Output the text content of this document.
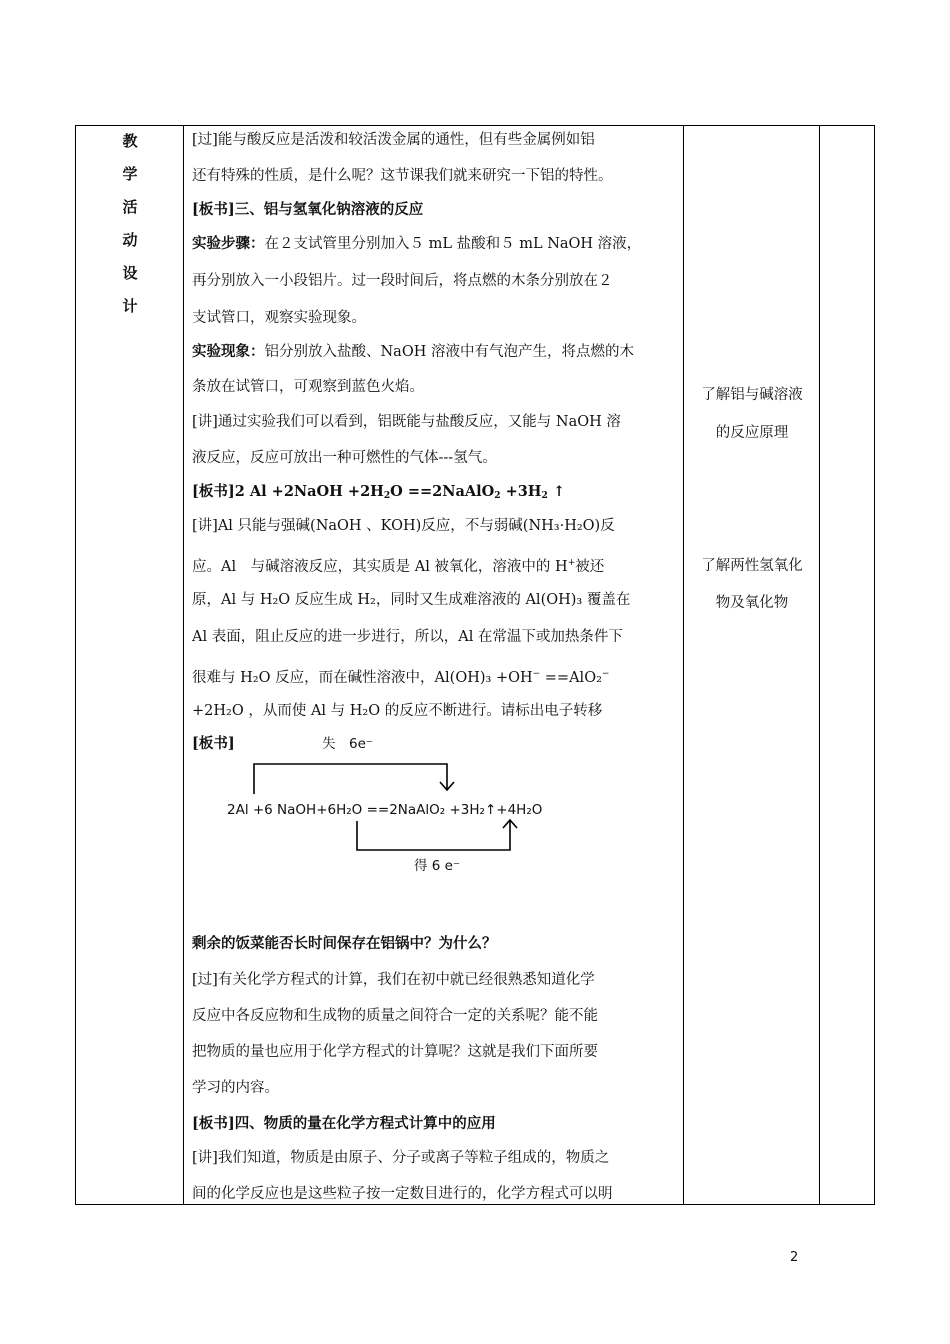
教
学
活
动
设
计
[过]能与酸反应是活泼和较活泼金属的通性，但有些金属例如铝
还有特殊的性质，是什么呢？这节课我们就来研究一下铝的特性。
[板书]三、铝与氢氧化钠溶液的反应
实验步骤：在２支试管里分别加入５ mL 盐酸和５ mL NaOH 溶液，
再分别放入一小段铝片。过一段时间后，将点燃的木条分别放在２
支试管口，观察实验现象。
实验现象：铝分别放入盐酸、NaOH 溶液中有气泡产生，将点燃的木
条放在试管口，可观察到蓝色火焰。
[讲]通过实验我们可以看到，铝既能与盐酸反应，又能与 NaOH 溶
液反应，反应可放出一种可燃性的气体---氢气。
[板书]2 Al +2NaOH $+2H_2O$ ==2NaAlO$_2$ $+3H_2$ ↑
[讲]Al 只能与强碱(NaOH 、KOH)反应，不与弱碱(NH₃·H₂O)反
应。Al　与碱溶液反应，其实质是 Al 被氧化，溶液中的 H+被还
原，Al 与 H₂O 反应生成 H₂，同时又生成难溶液的 Al(OH)₃ 覆盖在
Al 表面，阻止反应的进一步进行，所以，Al 在常温下或加热条件下
很难与 H₂O 反应，而在碱性溶液中，Al(OH)₃ +OH− ==AlO₂−
+2H₂O ，从而使 Al 与 H₂O 的反应不断进行。请标出电子转移
[板书]	失　6e⁻
2Al +6 NaOH+6H₂O ==2NaAlO₂ +3H₂↑+4H₂O
得 6 e⁻
剩余的饭菜能否长时间保存在铝锅中？为什么？
[过]有关化学方程式的计算，我们在初中就已经很熟悉知道化学
反应中各反应物和生成物的质量之间符合一定的关系呢？能不能
把物质的量也应用于化学方程式的计算呢？这就是我们下面所要
学习的内容。
[板书]四、物质的量在化学方程式计算中的应用
[讲]我们知道，物质是由原子、分子或离子等粒子组成的，物质之
间的化学反应也是这些粒子按一定数目进行的，化学方程式可以明
了解铝与碱溶液
的反应原理
了解两性氢氧化
物及氧化物
2
